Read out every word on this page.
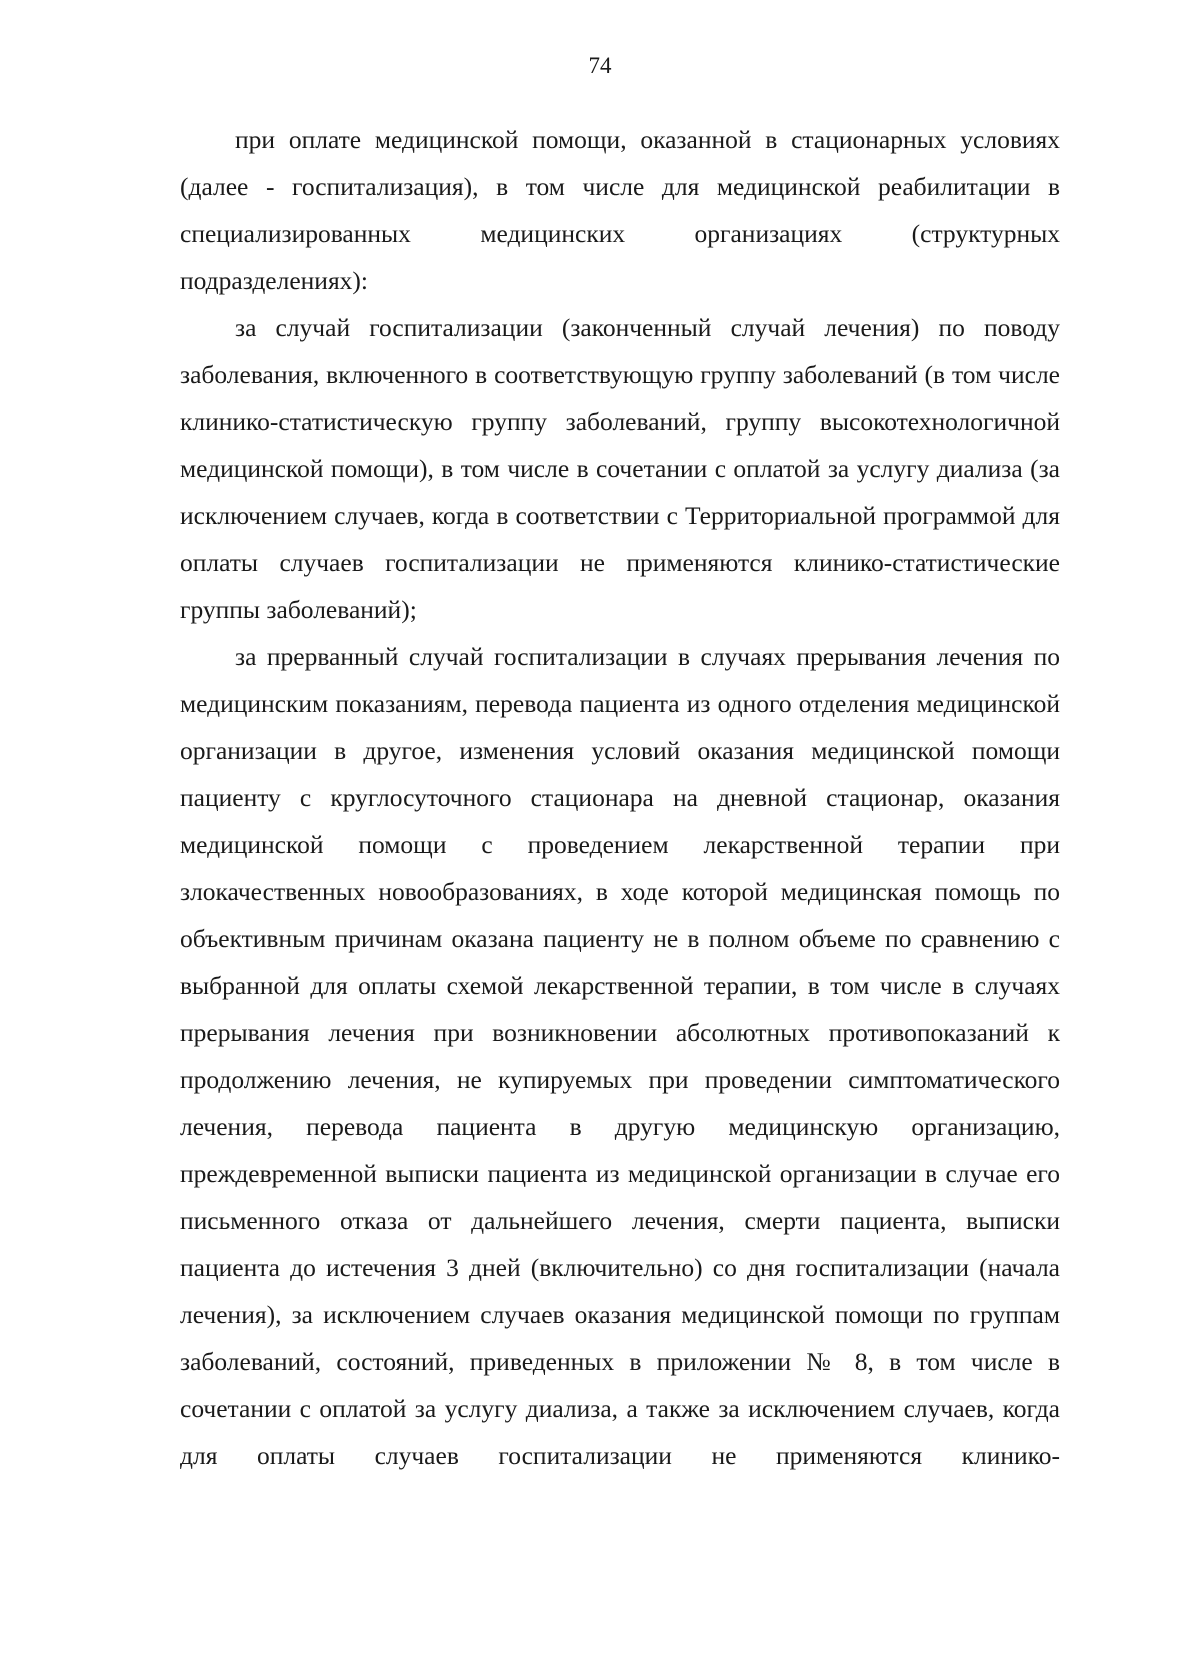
74

при оплате медицинской помощи, оказанной в стационарных условиях (далее - госпитализация), в том числе для медицинской реабилитации в специализированных медицинских организациях (структурных подразделениях):

за случай госпитализации (законченный случай лечения) по поводу заболевания, включенного в соответствующую группу заболеваний (в том числе клинико-статистическую группу заболеваний, группу высокотехнологичной медицинской помощи), в том числе в сочетании с оплатой за услугу диализа (за исключением случаев, когда в соответствии с Территориальной программой для оплаты случаев госпитализации не применяются клинико-статистические группы заболеваний);

за прерванный случай госпитализации в случаях прерывания лечения по медицинским показаниям, перевода пациента из одного отделения медицинской организации в другое, изменения условий оказания медицинской помощи пациенту с круглосуточного стационара на дневной стационар, оказания медицинской помощи с проведением лекарственной терапии при злокачественных новообразованиях, в ходе которой медицинская помощь по объективным причинам оказана пациенту не в полном объеме по сравнению с выбранной для оплаты схемой лекарственной терапии, в том числе в случаях прерывания лечения при возникновении абсолютных противопоказаний к продолжению лечения, не купируемых при проведении симптоматического лечения, перевода пациента в другую медицинскую организацию, преждевременной выписки пациента из медицинской организации в случае его письменного отказа от дальнейшего лечения, смерти пациента, выписки пациента до истечения 3 дней (включительно) со дня госпитализации (начала лечения), за исключением случаев оказания медицинской помощи по группам заболеваний, состояний, приведенных в приложении № 8, в том числе в сочетании с оплатой за услугу диализа, а также за исключением случаев, когда для оплаты случаев госпитализации не применяются клинико-
